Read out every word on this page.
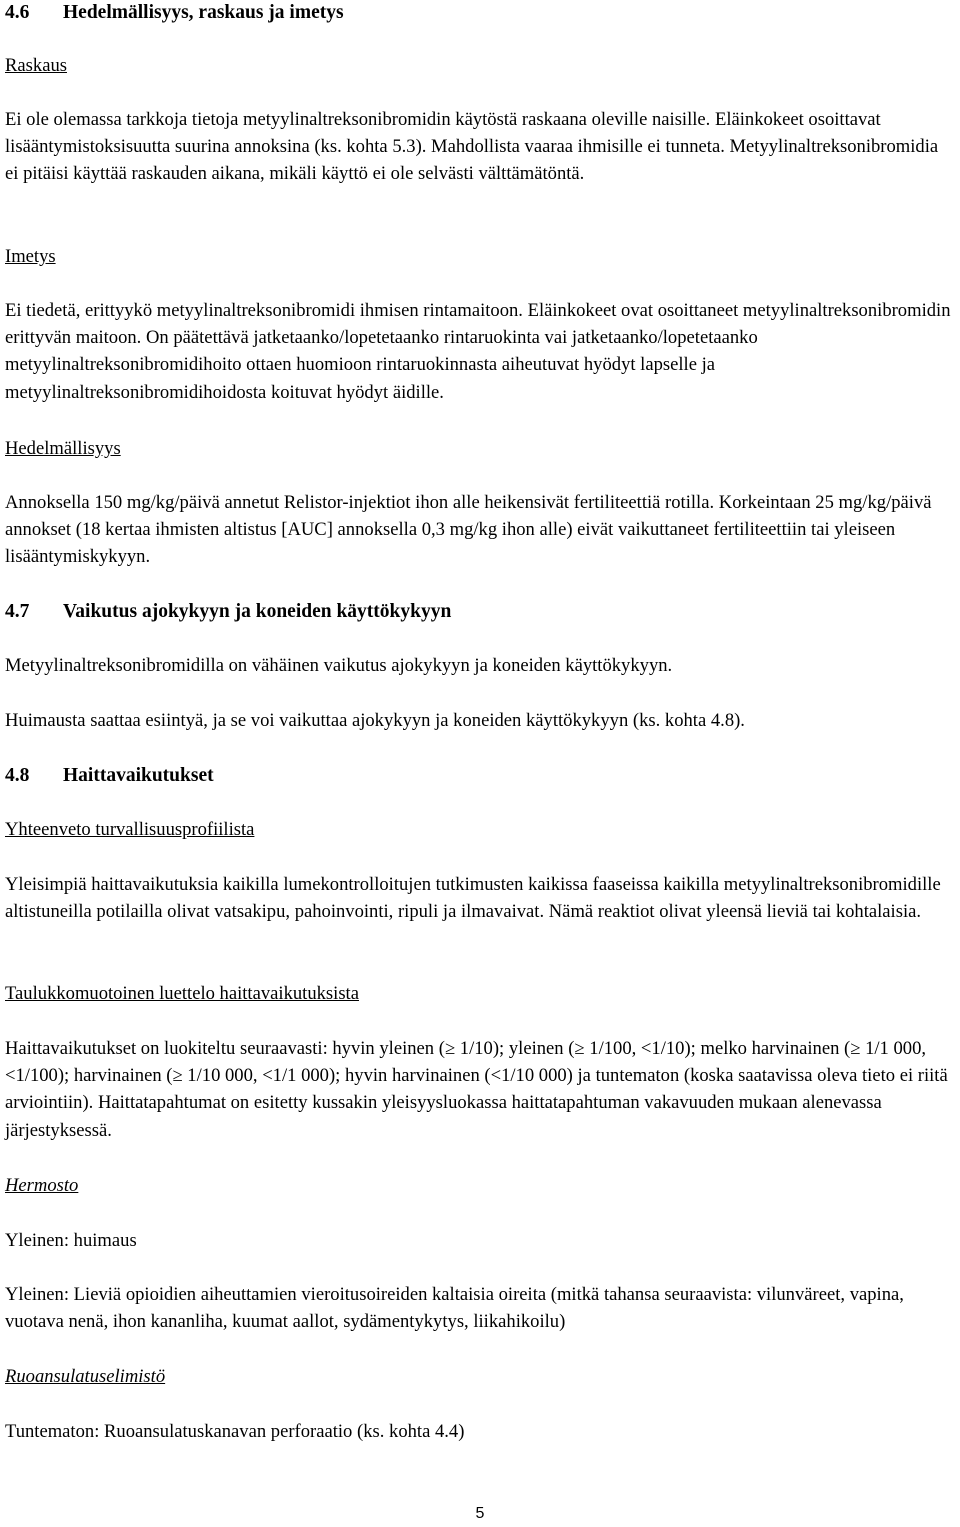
4.6 Hedelmällisyys, raskaus ja imetys

Raskaus

Ei ole olemassa tarkkoja tietoja metyylinaltreksonibromidin käytöstä raskaana oleville naisille. Eläinkokeet osoittavat lisääntymistoksisuutta suurina annoksina (ks. kohta 5.3). Mahdollista vaaraa ihmisille ei tunneta. Metyylinaltreksonibromidia ei pitäisi käyttää raskauden aikana, mikäli käyttö ei ole selvästi välttämätöntä.

Imetys

Ei tiedetä, erittyykö metyylinaltreksonibromidi ihmisen rintamaitoon. Eläinkokeet ovat osoittaneet metyylinaltreksonibromidin erittyvän maitoon. On päätettävä jatketaanko/lopetetaanko rintaruokinta vai jatketaanko/lopetetaanko metyylinaltreksonibromidihoito ottaen huomioon rintaruokinnasta aiheutuvat hyödyt lapselle ja metyylinaltreksonibromidihoidosta koituvat hyödyt äidille.

Hedelmällisyys

Annoksella 150 mg/kg/päivä annetut Relistor-injektiot ihon alle heikensivät fertiliteettiä rotilla. Korkeintaan 25 mg/kg/päivä annokset (18 kertaa ihmisten altistus [AUC] annoksella 0,3 mg/kg ihon alle) eivät vaikuttaneet fertiliteettiin tai yleiseen lisääntymiskykyyn.

4.7 Vaikutus ajokykyyn ja koneiden käyttökykyyn

Metyylinaltreksonibromidilla on vähäinen vaikutus ajokykyyn ja koneiden käyttökykyyn.

Huimausta saattaa esiintyä, ja se voi vaikuttaa ajokykyyn ja koneiden käyttökykyyn (ks. kohta 4.8).

4.8 Haittavaikutukset

Yhteenveto turvallisuusprofiilista

Yleisimpiä haittavaikutuksia kaikilla lumekontrolloitujen tutkimusten kaikissa faaseissa kaikilla metyylinaltreksonibromidille altistuneilla potilailla olivat vatsakipu, pahoinvointi, ripuli ja ilmavaivat. Nämä reaktiot olivat yleensä lieviä tai kohtalaisia.

Taulukkomuotoinen luettelo haittavaikutuksista

Haittavaikutukset on luokiteltu seuraavasti: hyvin yleinen (≥ 1/10); yleinen (≥ 1/100, <1/10); melko harvinainen (≥ 1/1 000, <1/100); harvinainen (≥ 1/10 000, <1/1 000); hyvin harvinainen (<1/10 000) ja tuntematon (koska saatavissa oleva tieto ei riitä arviointiin). Haittatapahtumat on esitetty kussakin yleisyysluokassa haittatapahtuman vakavuuden mukaan alenevassa järjestyksessä.

Hermosto

Yleinen: huimaus

Yleinen: Lieviä opioidien aiheuttamien vieroitusoireiden kaltaisia oireita (mitkä tahansa seuraavista: vilunväreet, vapina, vuotava nenä, ihon kananliha, kuumat aallot, sydämentykytys, liikahikoilu)

Ruoansulatuselimistö

Tuntematon: Ruoansulatuskanavan perforaatio (ks. kohta 4.4)

5
